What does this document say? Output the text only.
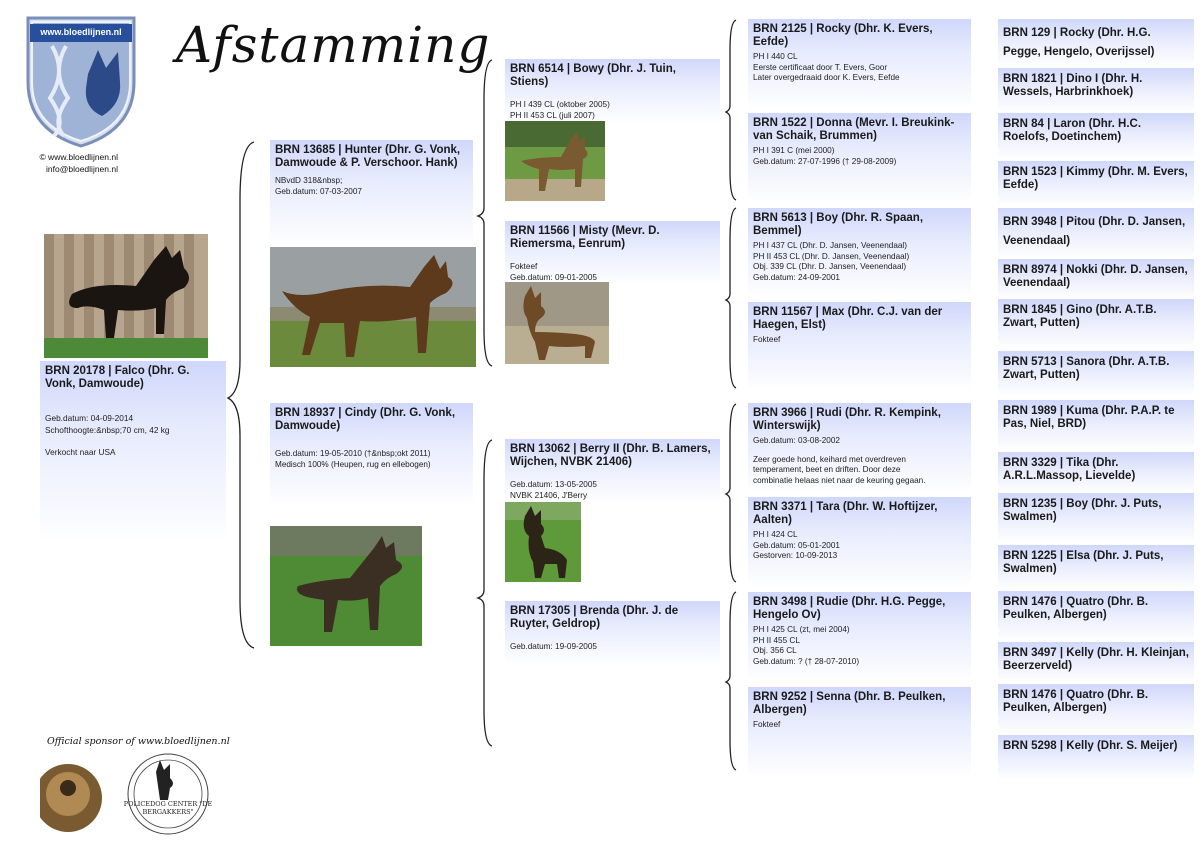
www.bloedlijnen.nl
© www.bloedlijnen.nl
info@bloedlijnen.nl
Afstamming
BRN 20178 | Falco (Dhr. G. Vonk, Damwoude)
Geb.datum: 04-09-2014
Schofthoogte:&nbsp;70 cm, 42 kg
Verkocht naar USA
BRN 13685 | Hunter (Dhr. G. Vonk, Damwoude & P. Verschoor. Hank)
NBvdD 318&nbsp;
Geb.datum: 07-03-2007
BRN 18937 | Cindy (Dhr. G. Vonk, Damwoude)
Geb.datum: 19-05-2010 (†&nbsp;okt 2011)
Medisch 100% (Heupen, rug en ellebogen)
BRN 6514 | Bowy (Dhr. J. Tuin, Stiens)
PH I 439 CL (oktober 2005)
PH II 453 CL (juli 2007)
BRN 11566 | Misty (Mevr. D. Riemersma, Eenrum)
Fokteef
Geb.datum: 09-01-2005
BRN 13062 | Berry II (Dhr. B. Lamers, Wijchen, NVBK 21406)
Geb.datum: 13-05-2005
NVBK 21406, J'Berry
BRN 17305 | Brenda (Dhr. J. de Ruyter, Geldrop)
Geb.datum: 19-09-2005
BRN 2125 | Rocky (Dhr. K. Evers, Eefde)
PH I 440 CL
Eerste certificaat door T. Evers, Goor
Later overgedraaid door K. Evers, Eefde
BRN 1522 | Donna (Mevr. I. Breukink-van Schaik, Brummen)
PH I 391 C (mei 2000)
Geb.datum: 27-07-1996 († 29-08-2009)
BRN 5613 | Boy (Dhr. R. Spaan, Bemmel)
PH I 437 CL (Dhr. D. Jansen, Veenendaal)
PH II 453 CL (Dhr. D. Jansen, Veenendaal)
Obj. 339 CL (Dhr. D. Jansen, Veenendaal)
Geb.datum: 24-09-2001
BRN 11567 | Max (Dhr. C.J. van der Haegen, Elst)
Fokteef
BRN 3966 | Rudi (Dhr. R. Kempink, Winterswijk)
Geb.datum: 03-08-2002
Zeer goede hond, keihard met overdreven
temperament, beet en driften. Door deze
combinatie helaas niet naar de keuring gegaan.
BRN 3371 | Tara (Dhr. W. Hoftijzer, Aalten)
PH I 424 CL
Geb.datum: 05-01-2001
Gestorven: 10-09-2013
BRN 3498 | Rudie (Dhr. H.G. Pegge, Hengelo Ov)
PH I 425 CL (zt, mei 2004)
PH II 455 CL
Obj. 356 CL
Geb.datum: ? († 28-07-2010)
BRN 9252 | Senna (Dhr. B. Peulken, Albergen)
Fokteef
BRN 129 | Rocky (Dhr. H.G. Pegge, Hengelo, Overijssel)
BRN 1821 | Dino I (Dhr. H. Wessels, Harbrinkhoek)
BRN 84 | Laron (Dhr. H.C. Roelofs, Doetinchem)
BRN 1523 | Kimmy (Dhr. M. Evers, Eefde)
BRN 3948 | Pitou (Dhr. D. Jansen, Veenendaal)
BRN 8974 | Nokki (Dhr. D. Jansen, Veenendaal)
BRN 1845 | Gino (Dhr. A.T.B. Zwart, Putten)
BRN 5713 | Sanora (Dhr. A.T.B. Zwart, Putten)
BRN 1989 | Kuma (Dhr. P.A.P. te Pas, Niel, BRD)
BRN 3329 | Tika (Dhr. A.R.L.Massop, Lievelde)
BRN 1235 | Boy (Dhr. J. Puts, Swalmen)
BRN 1225 | Elsa (Dhr. J. Puts, Swalmen)
BRN 1476 | Quatro (Dhr. B. Peulken, Albergen)
BRN 3497 | Kelly (Dhr. H. Kleinjan, Beerzerveld)
BRN 1476 | Quatro (Dhr. B. Peulken, Albergen)
BRN 5298 | Kelly (Dhr. S. Meijer)
Official sponsor of www.bloedlijnen.nl
POLICEDOG CENTER "DE BERGAKKERS"
